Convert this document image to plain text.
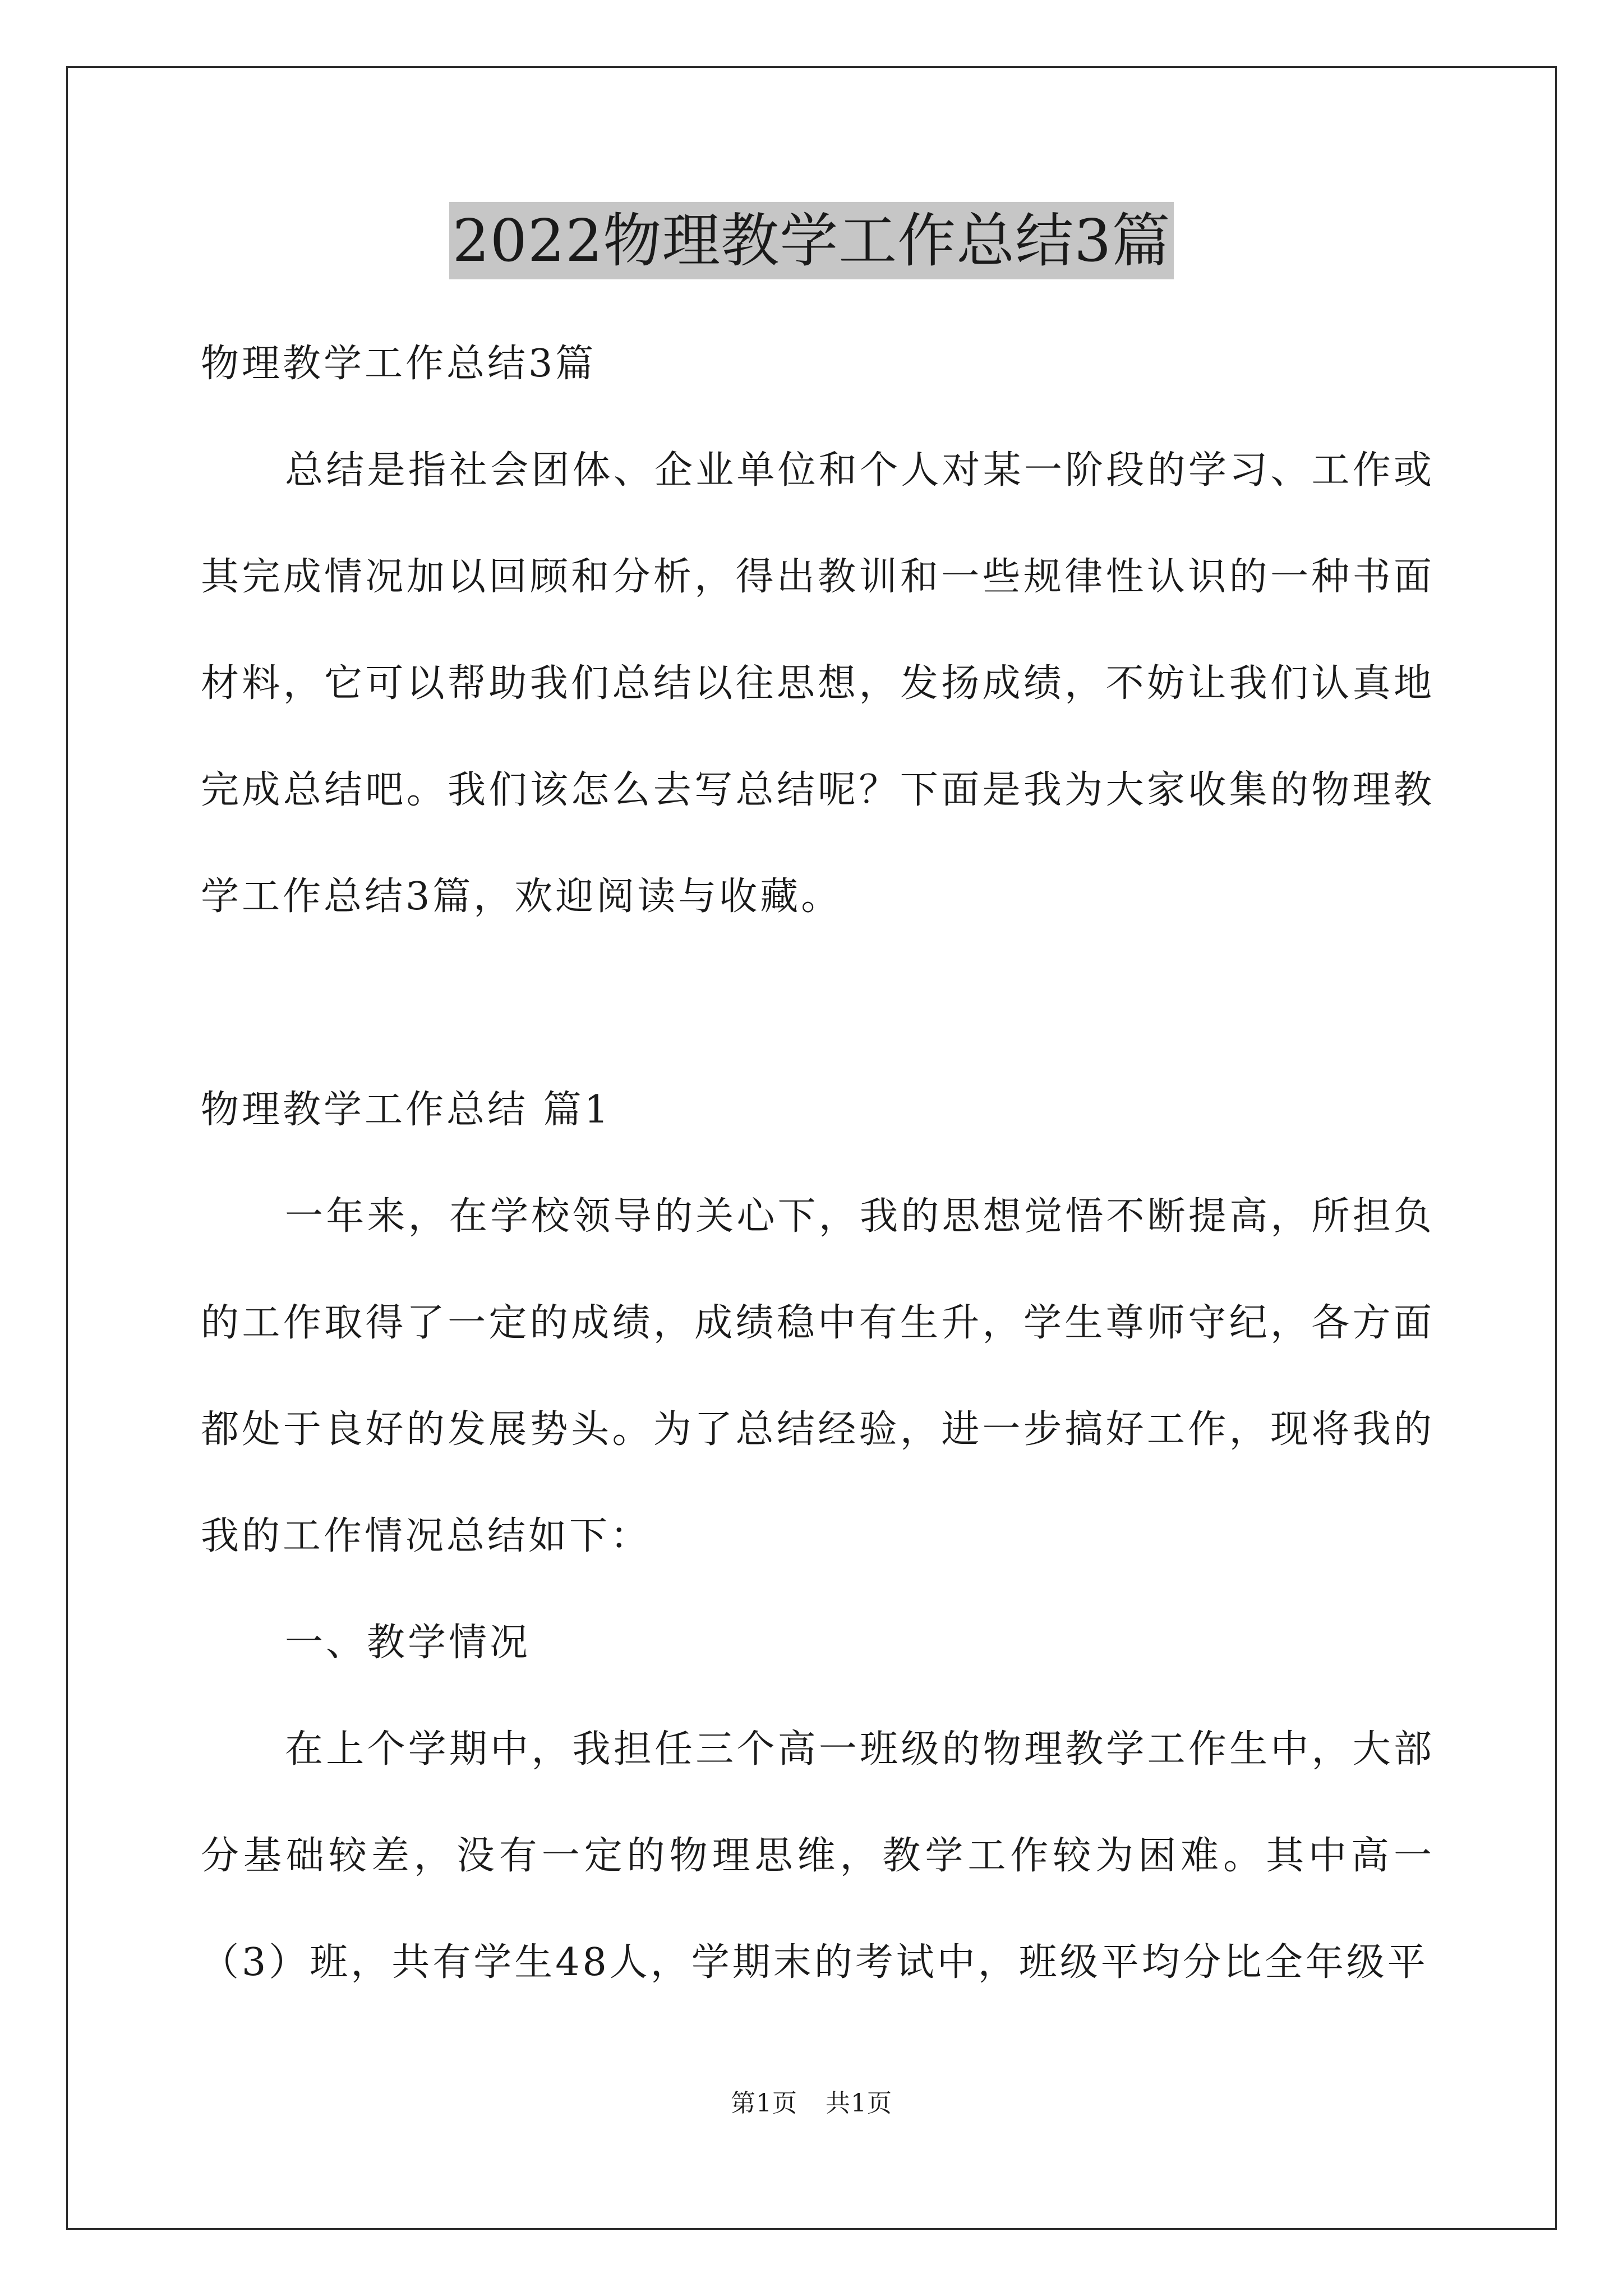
2022物理教学工作总结3篇

物理教学工作总结3篇

总结是指社会团体、企业单位和个人对某一阶段的学习、工作或其完成情况加以回顾和分析，得出教训和一些规律性认识的一种书面材料，它可以帮助我们总结以往思想，发扬成绩，不妨让我们认真地完成总结吧。我们该怎么去写总结呢？下面是我为大家收集的物理教学工作总结3篇，欢迎阅读与收藏。

物理教学工作总结 篇1

一年来，在学校领导的关心下，我的思想觉悟不断提高，所担负的工作取得了一定的成绩，成绩稳中有生升，学生尊师守纪，各方面都处于良好的发展势头。为了总结经验，进一步搞好工作，现将我的我的工作情况总结如下：

一、教学情况

在上个学期中，我担任三个高一班级的物理教学工作生中，大部分基础较差，没有一定的物理思维，教学工作较为困难。其中高一（3）班，共有学生48人，学期末的考试中，班级平均分比全年级平

第1页 共1页
